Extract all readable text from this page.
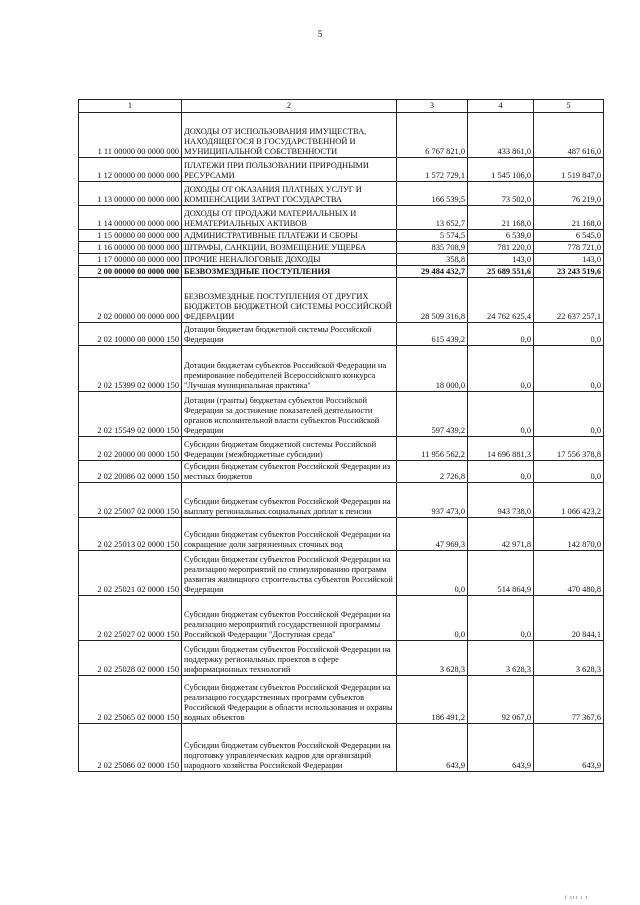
5
1	2	3	4	5
1 11 00000 00 0000 000	ДОХОДЫ ОТ ИСПОЛЬЗОВАНИЯ ИМУЩЕСТВА, НАХОДЯЩЕГОСЯ В ГОСУДАРСТВЕННОЙ И МУНИЦИПАЛЬНОЙ СОБСТВЕННОСТИ	6 767 821,0	433 861,0	487 616,0
1 12 00000 00 0000 000	ПЛАТЕЖИ ПРИ ПОЛЬЗОВАНИИ ПРИРОДНЫМИ РЕСУРСАМИ	1 572 729,1	1 545 106,0	1 519 847,0
1 13 00000 00 0000 000	ДОХОДЫ ОТ ОКАЗАНИЯ ПЛАТНЫХ УСЛУГ И КОМПЕНСАЦИИ ЗАТРАТ ГОСУДАРСТВА	166 539,5	73 502,0	76 219,0
1 14 00000 00 0000 000	ДОХОДЫ ОТ ПРОДАЖИ МАТЕРИАЛЬНЫХ И НЕМАТЕРИАЛЬНЫХ АКТИВОВ	13 652,7	21 168,0	21 168,0
1 15 00000 00 0000 000	АДМИНИСТРАТИВНЫЕ ПЛАТЕЖИ И СБОРЫ	5 574,5	6 539,0	6 545,0
1 16 00000 00 0000 000	ШТРАФЫ, САНКЦИИ, ВОЗМЕЩЕНИЕ УЩЕРБА	835 708,9	781 220,0	778 721,0
1 17 00000 00 0000 000	ПРОЧИЕ НЕНАЛОГОВЫЕ ДОХОДЫ	358,8	143,0	143,0
2 00 00000 00 0000 000	БЕЗВОЗМЕЗДНЫЕ ПОСТУПЛЕНИЯ	29 484 432,7	25 689 551,6	23 243 519,6
2 02 00000 00 0000 000	БЕЗВОЗМЕЗДНЫЕ ПОСТУПЛЕНИЯ ОТ ДРУГИХ БЮДЖЕТОВ БЮДЖЕТНОЙ СИСТЕМЫ РОССИЙСКОЙ ФЕДЕРАЦИИ	28 509 316,8	24 762 625,4	22 637 257,1
2 02 10000 00 0000 150	Дотации бюджетам бюджетной системы Российской Федерации	615 439,2	0,0	0,0
2 02 15399 02 0000 150	Дотации бюджетам субъектов Российской Федерации на премирование победителей Всероссийского конкурса "Лучшая муниципальная практика"	18 000,0	0,0	0,0
2 02 15549 02 0000 150	Дотации (гранты) бюджетам субъектов Российской Федерации за достижение показателей деятельности органов исполнительной власти субъектов Российской Федерации	597 439,2	0,0	0,0
2 02 20000 00 0000 150	Субсидии бюджетам бюджетной системы Российской Федерации (межбюджетные субсидии)	11 956 562,2	14 696 881,3	17 556 378,8
2 02 20086 02 0000 150	Субсидии бюджетам субъектов Российской Федерации из местных бюджетов	2 726,8	0,0	0,0
2 02 25007 02 0000 150	Субсидии бюджетам субъектов Российской Федерации на выплату региональных социальных доплат к пенсии	937 473,0	943 738,0	1 066 423,2
2 02 25013 02 0000 150	Субсидии бюджетам субъектов Российской Федерации на сокращение доли загрязненных сточных вод	47 969,3	42 971,8	142 870,0
2 02 25021 02 0000 150	Субсидии бюджетам субъектов Российской Федерации на реализацию мероприятий по стимулированию программ развития жилищного строительства субъектов Российской Федерации	0,0	514 864,9	470 480,8
2 02 25027 02 0000 150	Субсидии бюджетам субъектов Российской Федерации на реализацию мероприятий государственной программы Российской Федерации "Доступная среда"	0,0	0,0	20 844,1
2 02 25028 02 0000 150	Субсидии бюджетам субъектов Российской Федерации на поддержку региональных проектов в сфере информационных технологий	3 628,3	3 628,3	3 628,3
2 02 25065 02 0000 150	Субсидии бюджетам субъектов Российской Федерации на реализацию государственных программ субъектов Российской Федерации в области использования и охраны водных объектов	186 491,2	92 067,0	77 367,6
2 02 25066 02 0000 150	Субсидии бюджетам субъектов Российской Федерации на подготовку управленческих кадров для организаций народного хозяйства Российской Федерации	643,9	643,9	643,9
i ııı ı ı
